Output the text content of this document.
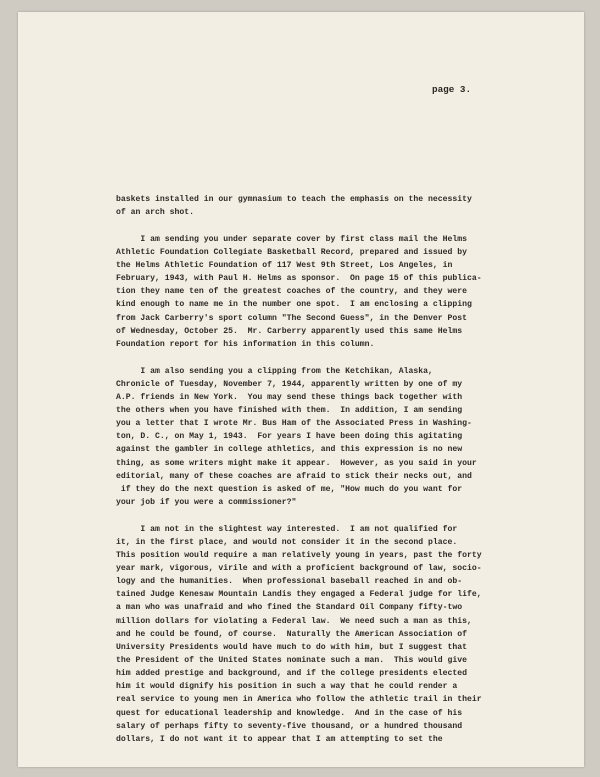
page 3.
baskets installed in our gymnasium to teach the emphasis on the necessity
of an arch shot.
I am sending you under separate cover by first class mail the Helms
Athletic Foundation Collegiate Basketball Record, prepared and issued by
the Helms Athletic Foundation of 117 West 9th Street, Los Angeles, in
February, 1943, with Paul H. Helms as sponsor.  On page 15 of this publica-
tion they name ten of the greatest coaches of the country, and they were
kind enough to name me in the number one spot.  I am enclosing a clipping
from Jack Carberry's sport column "The Second Guess", in the Denver Post
of Wednesday, October 25.  Mr. Carberry apparently used this same Helms
Foundation report for his information in this column.
I am also sending you a clipping from the Ketchikan, Alaska,
Chronicle of Tuesday, November 7, 1944, apparently written by one of my
A.P. friends in New York.  You may send these things back together with
the others when you have finished with them.  In addition, I am sending
you a letter that I wrote Mr. Bus Ham of the Associated Press in Washing-
ton, D. C., on May 1, 1943.  For years I have been doing this agitating
against the gambler in college athletics, and this expression is no new
thing, as some writers might make it appear.  However, as you said in your
editorial, many of these coaches are afraid to stick their necks out, and
if they do the next question is asked of me, "How much do you want for
your job if you were a commissioner?"
I am not in the slightest way interested.  I am not qualified for
it, in the first place, and would not consider it in the second place.
This position would require a man relatively young in years, past the forty
year mark, vigorous, virile and with a proficient background of law, socio-
logy and the humanities.  When professional baseball reached in and ob-
tained Judge Kenesaw Mountain Landis they engaged a Federal judge for life,
a man who was unafraid and who fined the Standard Oil Company fifty-two
million dollars for violating a Federal law.  We need such a man as this,
and he could be found, of course.  Naturally the American Association of
University Presidents would have much to do with him, but I suggest that
the President of the United States nominate such a man.  This would give
him added prestige and background, and if the college presidents elected
him it would dignify his position in such a way that he could render a
real service to young men in America who follow the athletic trail in their
quest for educational leadership and knowledge.  And in the case of his
salary of perhaps fifty to seventy-five thousand, or a hundred thousand
dollars, I do not want it to appear that I am attempting to set the
